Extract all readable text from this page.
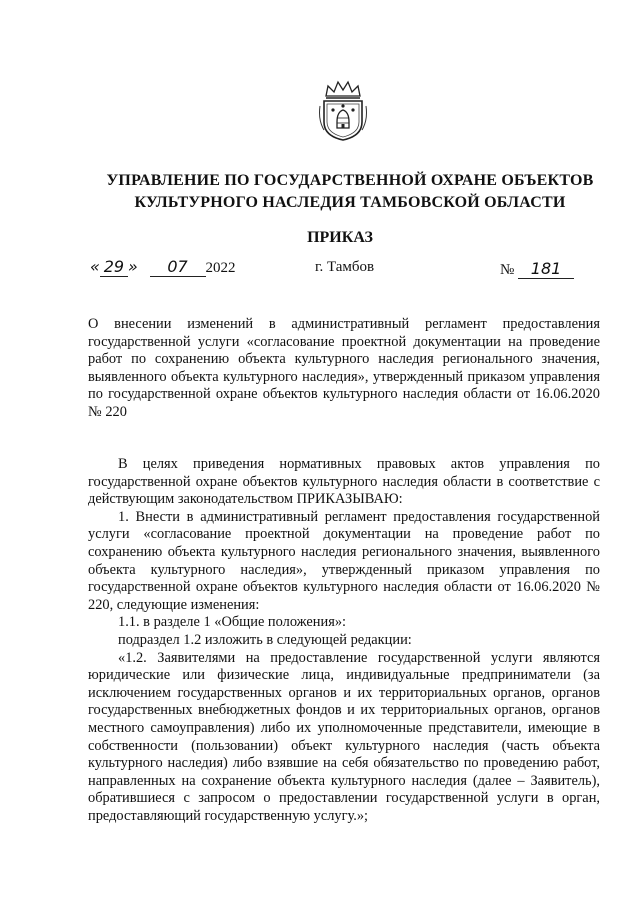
УПРАВЛЕНИЕ ПО ГОСУДАРСТВЕННОЙ ОХРАНЕ ОБЪЕКТОВ
КУЛЬТУРНОГО НАСЛЕДИЯ ТАМБОВСКОЙ ОБЛАСТИ
ПРИКАЗ
« 29 » 07 2022	г. Тамбов	№ 181
О внесении изменений в административный регламент предоставления государственной услуги «согласование проектной документации на проведение работ по сохранению объекта культурного наследия регионального значения, выявленного объекта культурного наследия», утвержденный приказом управления по государственной охране объектов культурного наследия области от 16.06.2020 № 220

В целях приведения нормативных правовых актов управления по государственной охране объектов культурного наследия области в соответствие с действующим законодательством ПРИКАЗЫВАЮ:

1. Внести в административный регламент предоставления государственной услуги «согласование проектной документации на проведение работ по сохранению объекта культурного наследия регионального значения, выявленного объекта культурного наследия», утвержденный приказом управления по государственной охране объектов культурного наследия области от 16.06.2020 № 220, следующие изменения:

1.1. в разделе 1 «Общие положения»:

подраздел 1.2 изложить в следующей редакции:

«1.2. Заявителями на предоставление государственной услуги являются юридические или физические лица, индивидуальные предприниматели (за исключением государственных органов и их территориальных органов, органов государственных внебюджетных фондов и их территориальных органов, органов местного самоуправления) либо их уполномоченные представители, имеющие в собственности (пользовании) объект культурного наследия (часть объекта культурного наследия) либо взявшие на себя обязательство по проведению работ, направленных на сохранение объекта культурного наследия (далее – Заявитель), обратившиеся с запросом о предоставлении государственной услуги в орган, предоставляющий государственную услугу.»;
